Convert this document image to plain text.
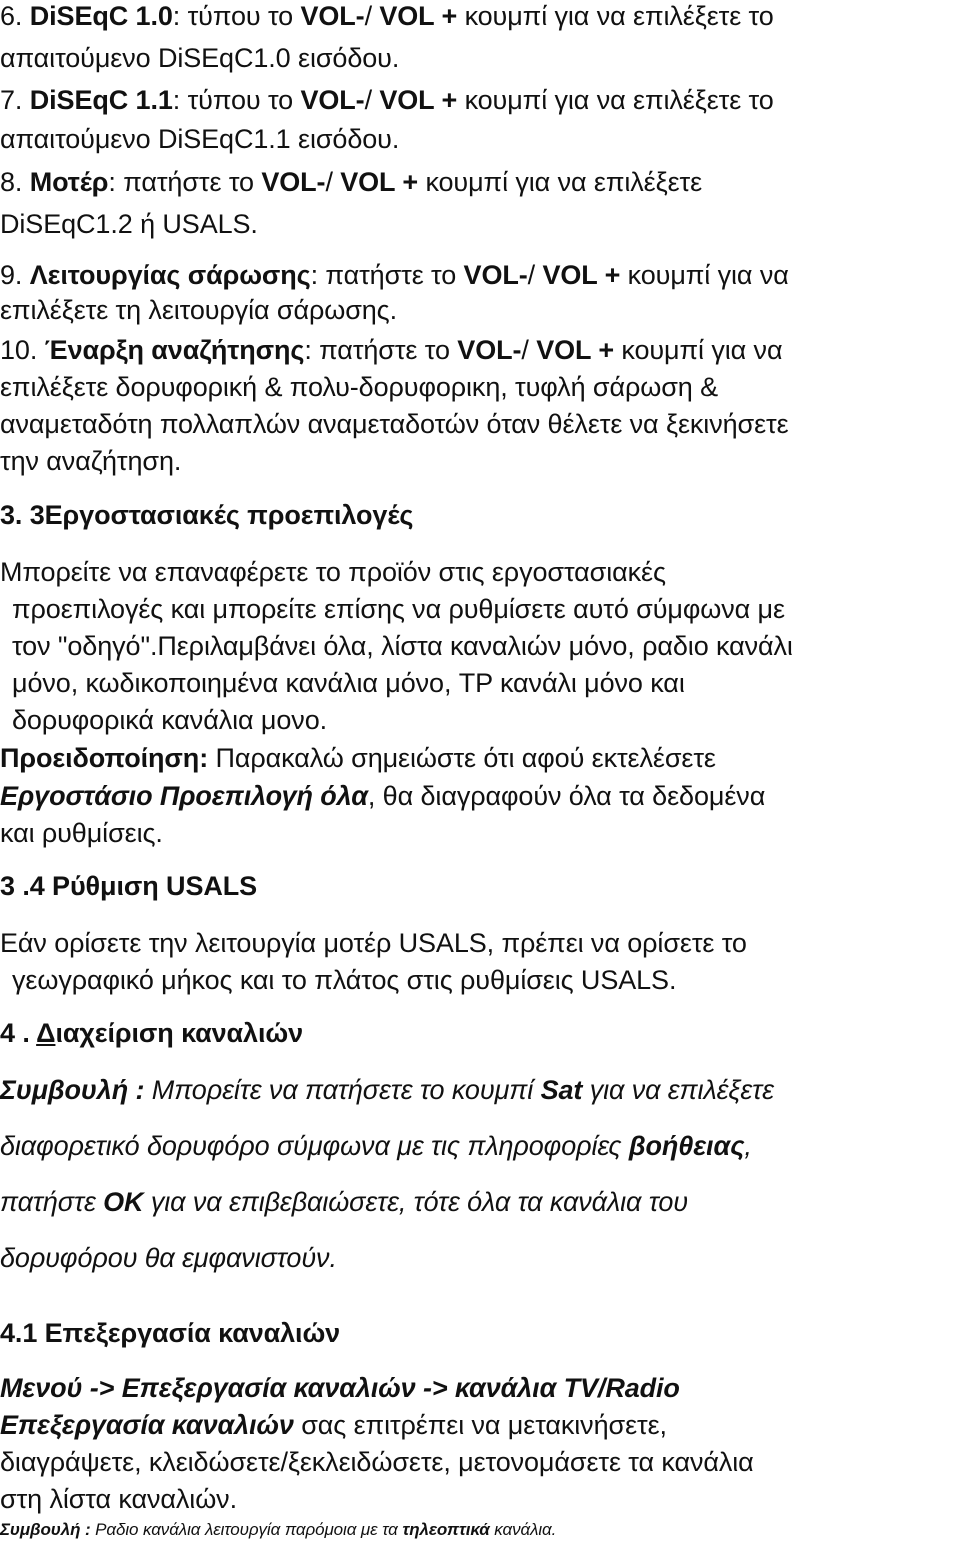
6. DiSEqC 1.0: τύπου το VOL-/ VOL + κουμπί για να επιλέξετε το
απαιτούμενο DiSEqC1.0 εισόδου.
7. DiSEqC 1.1: τύπου το VOL-/ VOL + κουμπί για να επιλέξετε το
απαιτούμενο DiSEqC1.1 εισόδου.
8. Μοτέρ: πατήστε το VOL-/ VOL + κουμπί για να επιλέξετε
DiSEqC1.2 ή USALS.
9. Λειτουργίας σάρωσης: πατήστε το VOL-/ VOL + κουμπί για να
επιλέξετε τη λειτουργία σάρωσης.
10. Έναρξη αναζήτησης: πατήστε το VOL-/ VOL + κουμπί για να
επιλέξετε δορυφορική & πολυ-δορυφορικη, τυφλή σάρωση &
αναμεταδότη πολλαπλών αναμεταδοτών όταν θέλετε να ξεκινήσετε
την αναζήτηση.
3. 3Εργοστασιακές προεπιλογές
Μπορείτε να επαναφέρετε το προϊόν στις εργοστασιακές
προεπιλογές και μπορείτε επίσης να ρυθμίσετε αυτό σύμφωνα με
τον "οδηγό".Περιλαμβάνει όλα, λίστα καναλιών μόνο, ραδιο κανάλι
μόνο, κωδικοποιημένα κανάλια μόνο, TP κανάλι μόνο και
δορυφορικά κανάλια μονο.
Προειδοποίηση: Παρακαλώ σημειώστε ότι αφού εκτελέσετε
Εργοστάσιο Προεπιλογή όλα, θα διαγραφούν όλα τα δεδομένα
και ρυθμίσεις.
3 .4 Ρύθμιση USALS
Εάν ορίσετε την λειτουργία μοτέρ USALS, πρέπει να ορίσετε το
γεωγραφικό μήκος και το πλάτος στις ρυθμίσεις USALS.
4 . Διαχείριση καναλιών
Συμβουλή : Μπορείτε να πατήσετε το κουμπί Sat για να επιλέξετε
διαφορετικό δορυφόρο σύμφωνα με τις πληροφορίες βοήθειας,
πατήστε OK για να επιβεβαιώσετε, τότε όλα τα κανάλια του
δορυφόρου θα εμφανιστούν.
4.1 Επεξεργασία καναλιών
Μενού -> Επεξεργασία καναλιών -> κανάλια TV/Radio
Επεξεργασία καναλιών σας επιτρέπει να μετακινήσετε,
διαγράψετε, κλειδώσετε/ξεκλειδώσετε, μετονομάσετε τα κανάλια
στη λίστα καναλιών.
Συμβουλή : Ραδιο κανάλια λειτουργία παρόμοια με τα τηλεοπτικά κανάλια.
